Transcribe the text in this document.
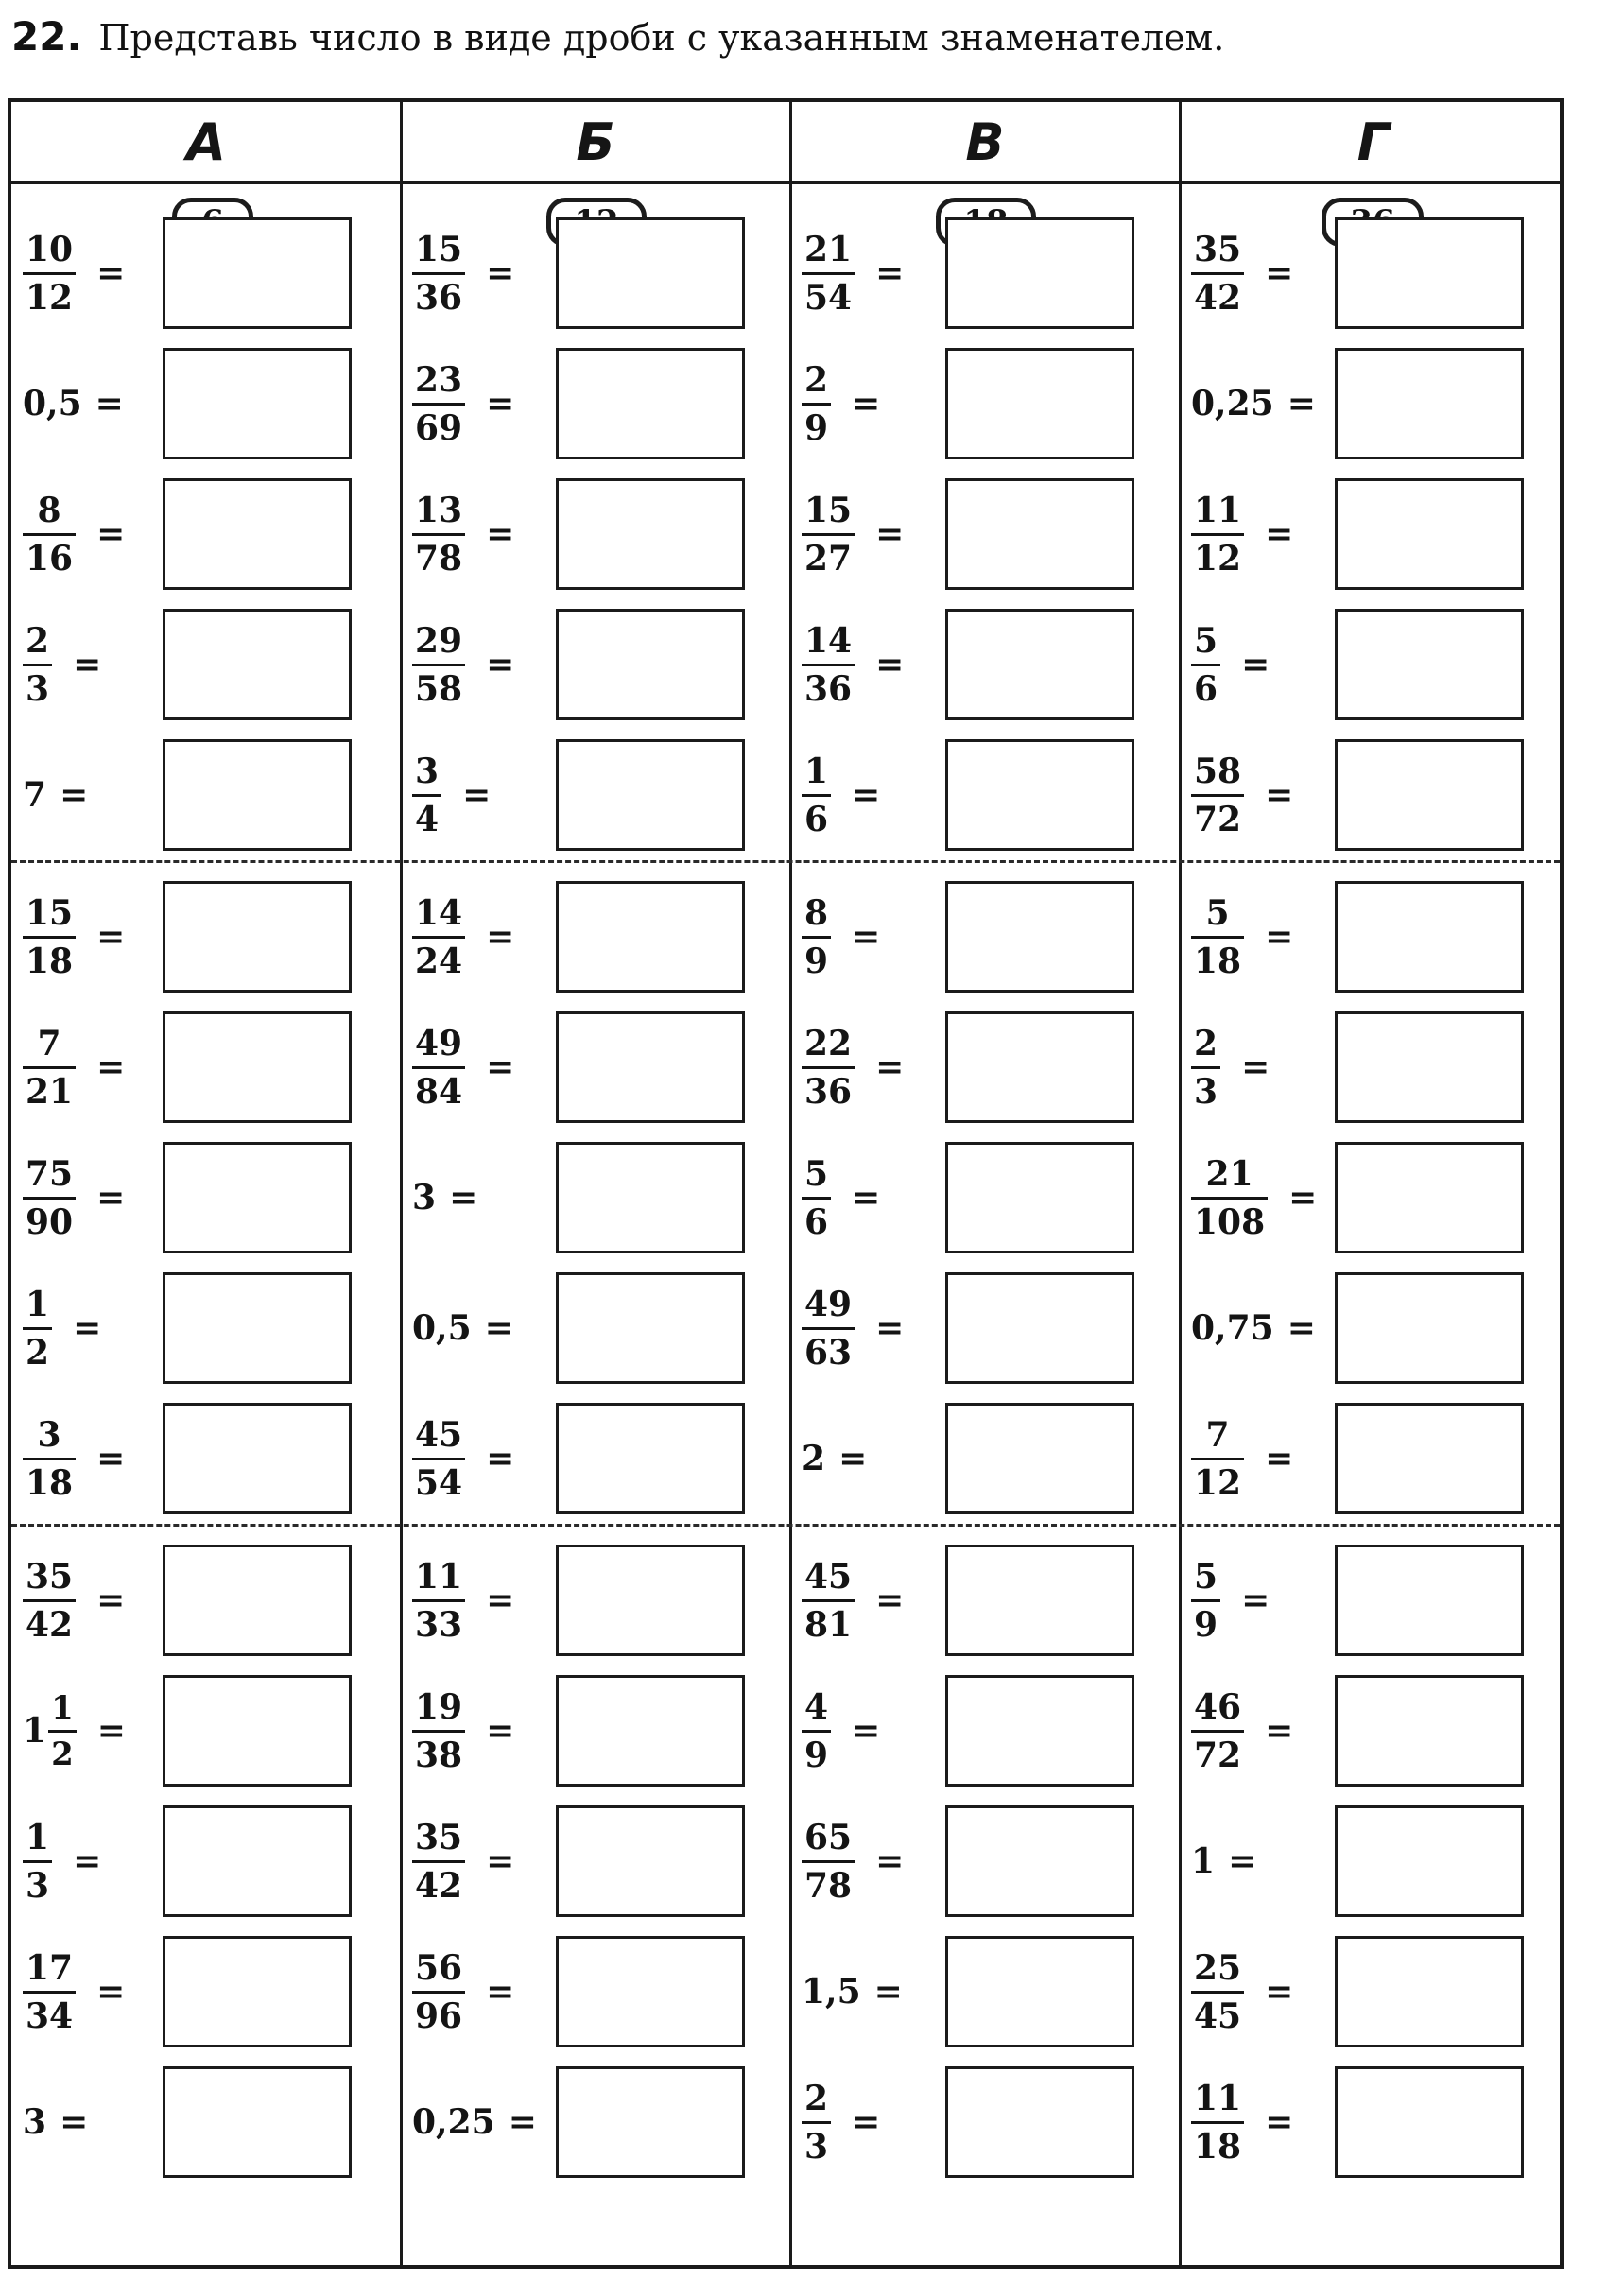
22. Представь число в виде дроби с указанным знаменателем.
А
$\frac{10}{12}$ =
0,5 =
$\frac{8}{16}$ =
$\frac{2}{3}$ =
7 =
$\frac{15}{18}$ =
$\frac{7}{21}$ =
$\frac{75}{90}$ =
$\frac{1}{2}$ =
$\frac{3}{18}$ =
$\frac{35}{42}$ =
$1 \frac{1}{2}$ =
$\frac{1}{3}$ =
$\frac{17}{34}$ =
3 =
Б
$\frac{15}{36}$ =
$\frac{23}{69}$ =
$\frac{13}{78}$ =
$\frac{29}{58}$ =
$\frac{3}{4}$ =
$\frac{14}{24}$ =
$\frac{49}{84}$ =
3 =
0,5 =
$\frac{45}{54}$ =
$\frac{11}{33}$ =
$\frac{19}{38}$ =
$\frac{35}{42}$ =
$\frac{56}{96}$ =
0,25 =
В
$\frac{21}{54}$ =
$\frac{2}{9}$ =
$\frac{15}{27}$ =
$\frac{14}{36}$ =
$\frac{1}{6}$ =
$\frac{8}{9}$ =
$\frac{22}{36}$ =
$\frac{5}{6}$ =
$\frac{49}{63}$ =
2 =
$\frac{45}{81}$ =
$\frac{4}{9}$ =
$\frac{65}{78}$ =
1,5 =
$\frac{2}{3}$ =
Г
$\frac{35}{42}$ =
0,25 =
$\frac{11}{12}$ =
$\frac{5}{6}$ =
$\frac{58}{72}$ =
$\frac{5}{18}$ =
$\frac{2}{3}$ =
$\frac{21}{108}$ =
0,75 =
$\frac{7}{12}$ =
$\frac{5}{9}$ =
$\frac{46}{72}$ =
1 =
$\frac{25}{45}$ =
$\frac{11}{18}$ =
